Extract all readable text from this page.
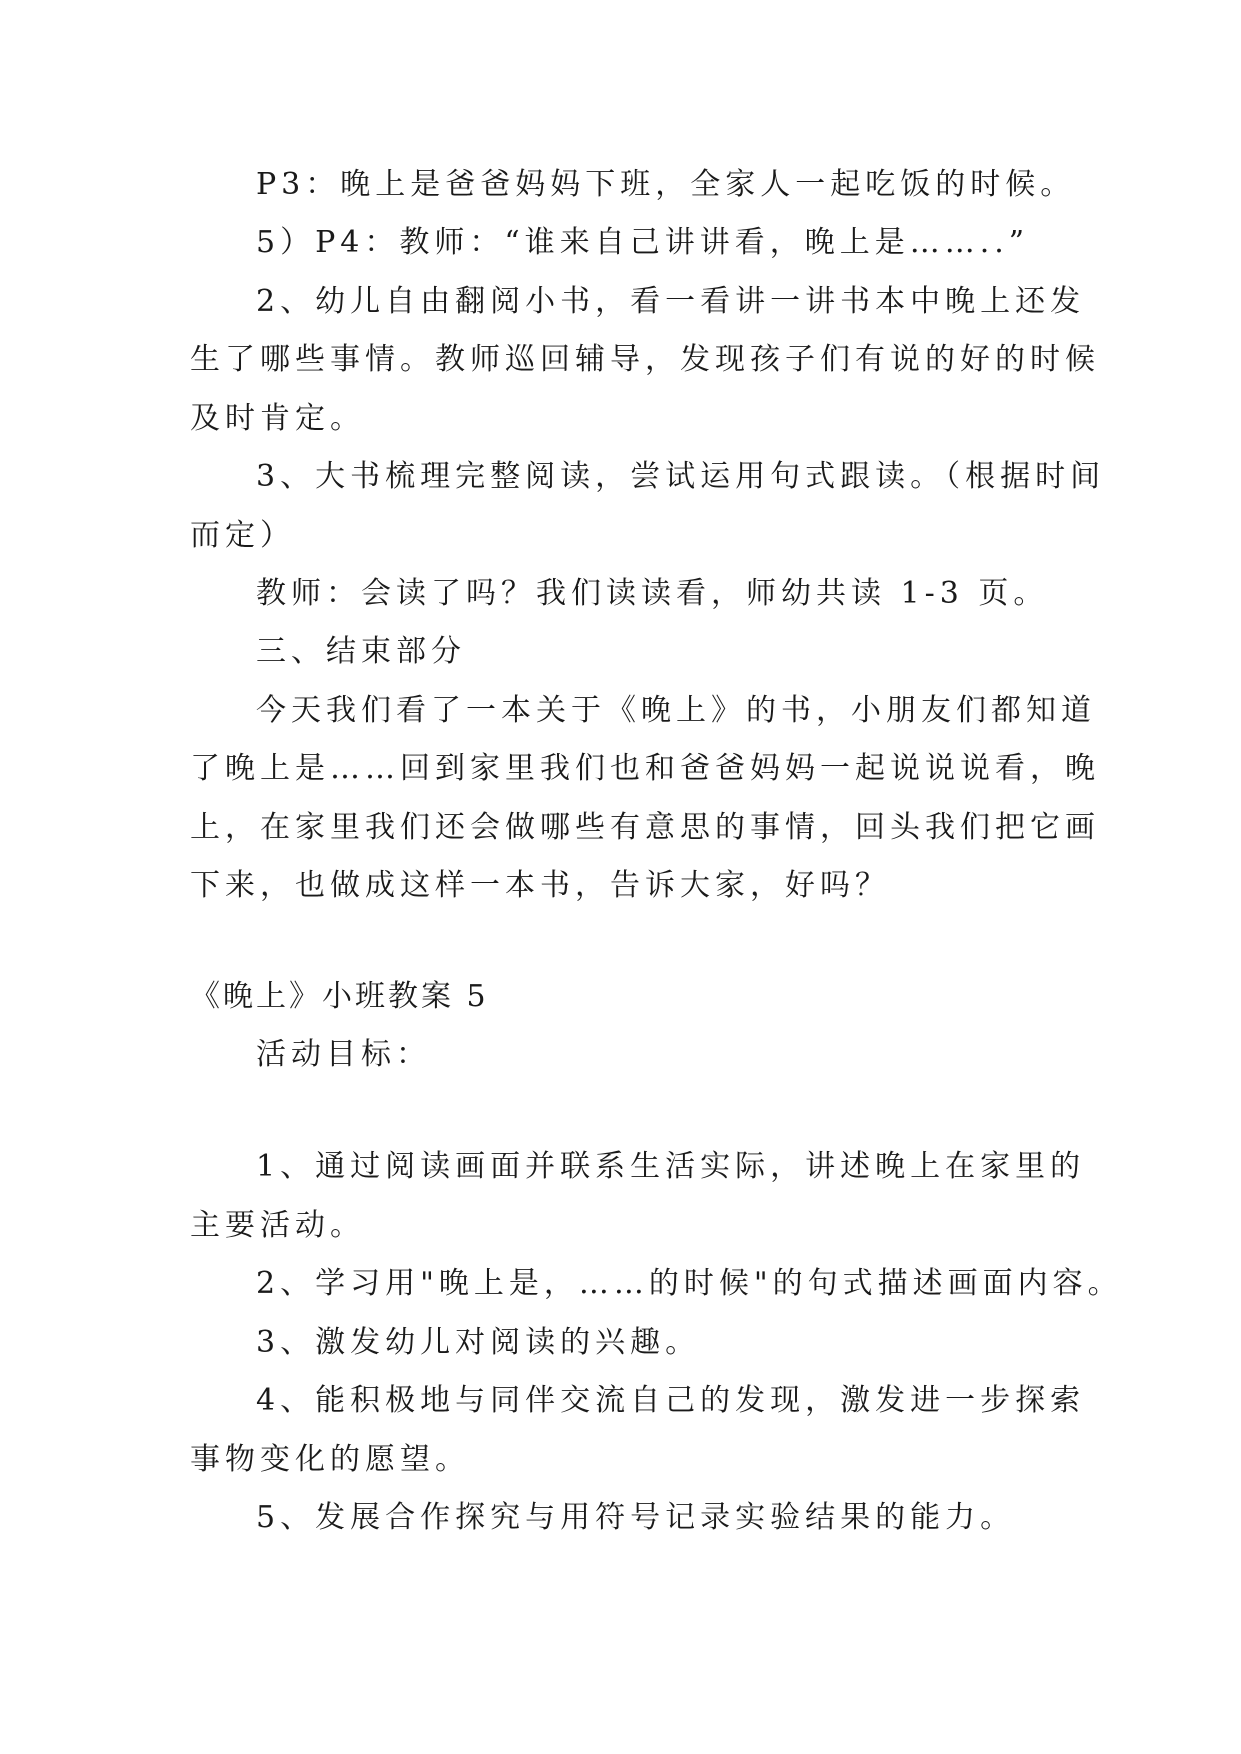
P3：晚上是爸爸妈妈下班，全家人一起吃饭的时候。
5）P4：教师：“谁来自己讲讲看，晚上是……..”
2、幼儿自由翻阅小书，看一看讲一讲书本中晚上还发
生了哪些事情。教师巡回辅导，发现孩子们有说的好的时候
及时肯定。
3、大书梳理完整阅读，尝试运用句式跟读。（根据时间
而定）
教师：会读了吗？我们读读看，师幼共读 1-3 页。
三、结束部分
今天我们看了一本关于《晚上》的书，小朋友们都知道
了晚上是……回到家里我们也和爸爸妈妈一起说说说看，晚
上，在家里我们还会做哪些有意思的事情，回头我们把它画
下来，也做成这样一本书，告诉大家，好吗？
《晚上》小班教案 5
活动目标：
1、通过阅读画面并联系生活实际，讲述晚上在家里的
主要活动。
2、学习用"晚上是，……的时候"的句式描述画面内容。
3、激发幼儿对阅读的兴趣。
4、能积极地与同伴交流自己的发现，激发进一步探索
事物变化的愿望。
5、发展合作探究与用符号记录实验结果的能力。
